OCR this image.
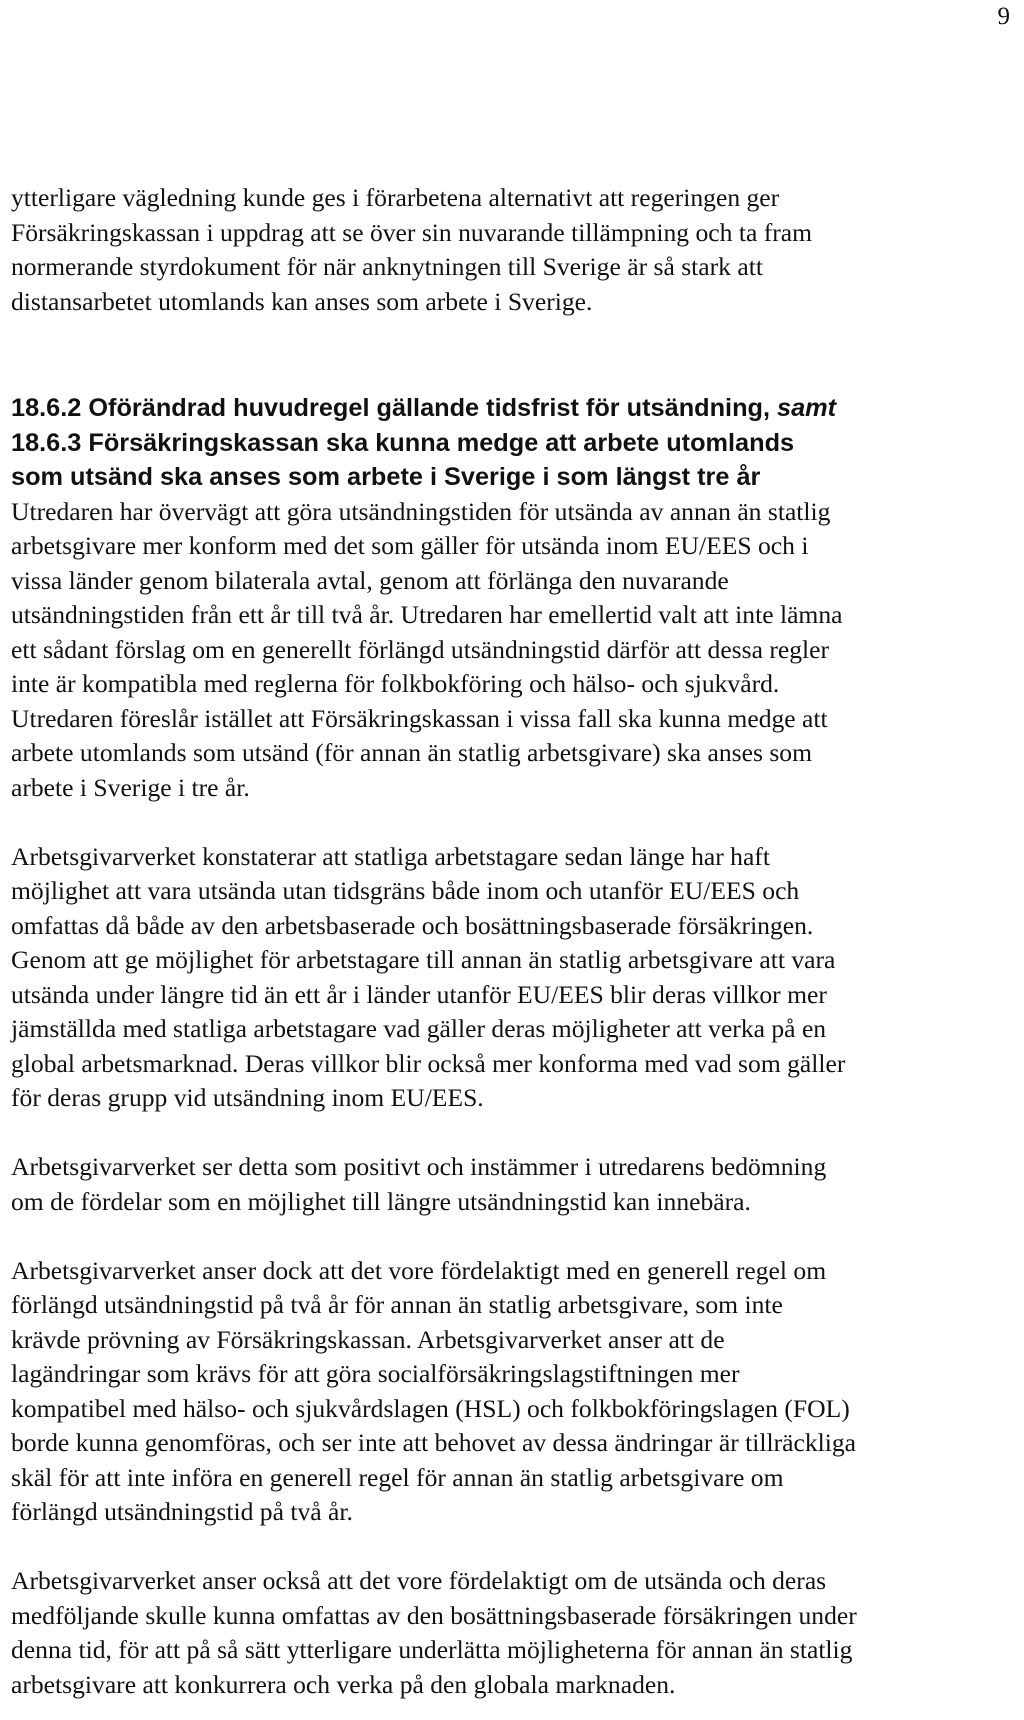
9

ytterligare vägledning kunde ges i förarbetena alternativt att regeringen ger
Försäkringskassan i uppdrag att se över sin nuvarande tillämpning och ta fram
normerande styrdokument för när anknytningen till Sverige är så stark att
distansarbetet utomlands kan anses som arbete i Sverige.

18.6.2 Oförändrad huvudregel gällande tidsfrist för utsändning, samt
18.6.3 Försäkringskassan ska kunna medge att arbete utomlands
som utsänd ska anses som arbete i Sverige i som längst tre år

Utredaren har övervägt att göra utsändningstiden för utsända av annan än statlig
arbetsgivare mer konform med det som gäller för utsända inom EU/EES och i
vissa länder genom bilaterala avtal, genom att förlänga den nuvarande
utsändningstiden från ett år till två år. Utredaren har emellertid valt att inte lämna
ett sådant förslag om en generellt förlängd utsändningstid därför att dessa regler
inte är kompatibla med reglerna för folkbokföring och hälso- och sjukvård.
Utredaren föreslår istället att Försäkringskassan i vissa fall ska kunna medge att
arbete utomlands som utsänd (för annan än statlig arbetsgivare) ska anses som
arbete i Sverige i tre år.

Arbetsgivarverket konstaterar att statliga arbetstagare sedan länge har haft
möjlighet att vara utsända utan tidsgräns både inom och utanför EU/EES och
omfattas då både av den arbetsbaserade och bosättningsbaserade försäkringen.
Genom att ge möjlighet för arbetstagare till annan än statlig arbetsgivare att vara
utsända under längre tid än ett år i länder utanför EU/EES blir deras villkor mer
jämställda med statliga arbetstagare vad gäller deras möjligheter att verka på en
global arbetsmarknad. Deras villkor blir också mer konforma med vad som gäller
för deras grupp vid utsändning inom EU/EES.

Arbetsgivarverket ser detta som positivt och instämmer i utredarens bedömning
om de fördelar som en möjlighet till längre utsändningstid kan innebära.

Arbetsgivarverket anser dock att det vore fördelaktigt med en generell regel om
förlängd utsändningstid på två år för annan än statlig arbetsgivare, som inte
krävde prövning av Försäkringskassan. Arbetsgivarverket anser att de
lagändringar som krävs för att göra socialförsäkringslagstiftningen mer
kompatibel med hälso- och sjukvårdslagen (HSL) och folkbokföringslagen (FOL)
borde kunna genomföras, och ser inte att behovet av dessa ändringar är tillräckliga
skäl för att inte införa en generell regel för annan än statlig arbetsgivare om
förlängd utsändningstid på två år.

Arbetsgivarverket anser också att det vore fördelaktigt om de utsända och deras
medföljande skulle kunna omfattas av den bosättningsbaserade försäkringen under
denna tid, för att på så sätt ytterligare underlätta möjligheterna för annan än statlig
arbetsgivare att konkurrera och verka på den globala marknaden.
